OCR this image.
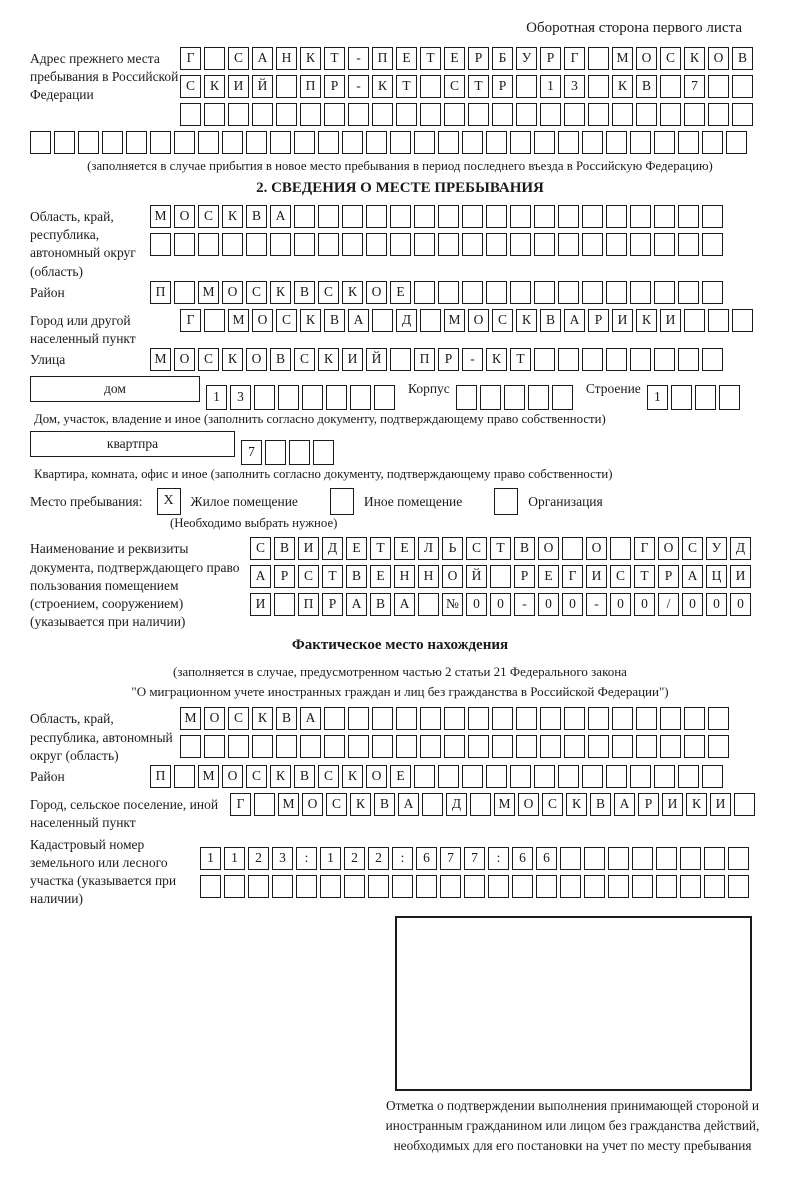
Оборотная сторона первого листа
Адрес прежнего места пребывания в Российской Федерации
Г	С А Н К Т - П Е Т Е Р Б У Р Г	М О С К О В
С К И Й	П Р - К Т	С Т Р	1 3	К В	7
(заполняется в случае прибытия в новое место пребывания в период последнего въезда в Российскую Федерацию)
2. СВЕДЕНИЯ О МЕСТЕ ПРЕБЫВАНИЯ
Область, край, республика, автономный округ (область)
М О С К В А
Район	П	М О С К В С К О Е
Город или другой населенный пункт
Г	М О С К В А	Д	М О С К В А Р И К И
Улица	М О С К О В С К И Й	П Р - К Т
дом1 3Корпус	Строение1
Дом, участок, владение и иное (заполнить согласно документу, подтверждающему право собственности)
квартпра7
Квартира, комната, офис и иное (заполнить согласно документу, подтверждающему право собственности)
Место пребывания: X Жилое помещение	Иное помещение	Организация
(Необходимо выбрать нужное)
Наименование и реквизиты документа, подтверждающего право пользования помещением (строением, сооружением) (указывается при наличии)
С В И Д Е Т Е Л Ь С Т В О	О	Г О С У Д
А Р С Т В Е Н Н О Й	Р Е Г И С Т Р А Ц И
И	П Р А В А	№ 0 0 - 0 0 - 0 0 / 0 0 0
Фактическое место нахождения
(заполняется в случае, предусмотренном частью 2 статьи 21 Федерального закона
"О миграционном учете иностранных граждан и лиц без гражданства в Российской Федерации")
Область, край, республика, автономный округ (область)
М О С К В А
Район	П	М О С К В С К О Е
Город, сельское поселение, иной населенный пункт
Г	М О С К В А	Д	М О С К В А Р И К И
Кадастровый номер земельного или лесного участка (указывается при наличии)
1 1 2 3 : 1 2 2 : 6 7 7 : 6 6
Отметка о подтверждении выполнения принимающей стороной и иностранным гражданином или лицом без гражданства действий, необходимых для его постановки на учет по месту пребывания
